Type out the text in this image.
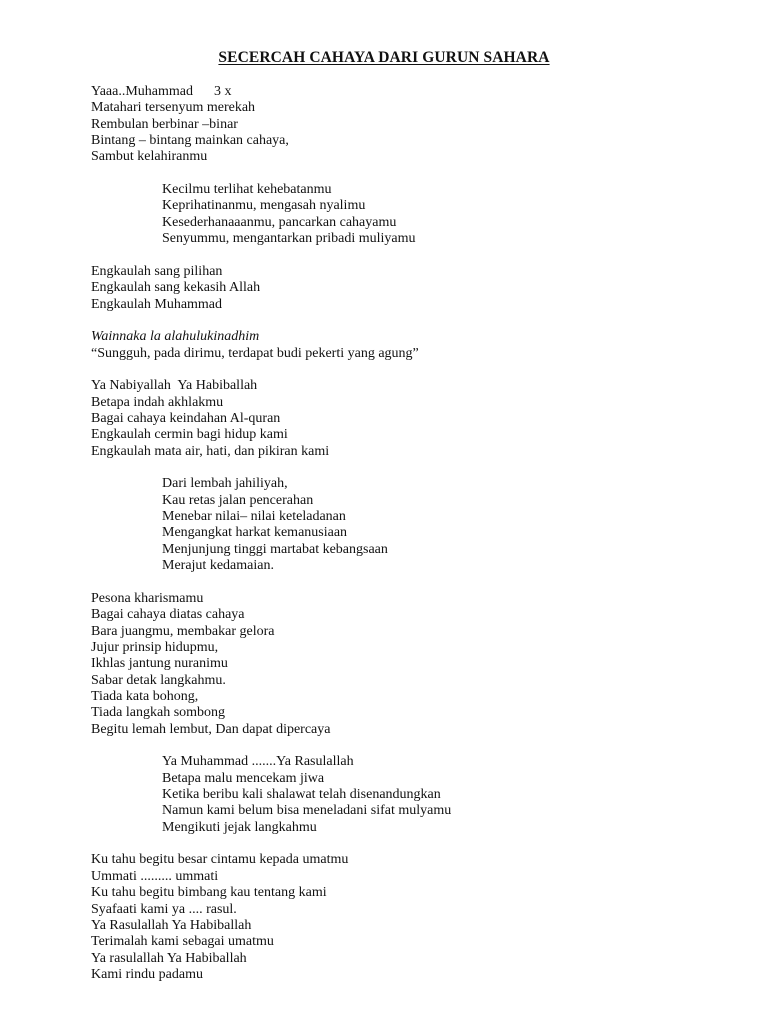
SECERCAH CAHAYA DARI GURUN SAHARA
Yaaa..Muhammad      3 x
Matahari tersenyum merekah
Rembulan berbinar –binar
Bintang – bintang mainkan cahaya,
Sambut kelahiranmu
Kecilmu terlihat kehebatanmu
Keprihatinanmu, mengasah nyalimu
Kesederhanaaanmu, pancarkan cahayamu
Senyummu, mengantarkan pribadi muliyamu
Engkaulah sang pilihan
Engkaulah sang kekasih Allah
Engkaulah Muhammad
Wainnaka la alahulukinadhim
“Sungguh, pada dirimu, terdapat budi pekerti yang agung”
Ya Nabiyallah  Ya Habiballah
Betapa indah akhlakmu
Bagai cahaya keindahan Al-quran
Engkaulah cermin bagi hidup kami
Engkaulah mata air, hati, dan pikiran kami
Dari lembah jahiliyah,
Kau retas jalan pencerahan
Menebar nilai– nilai keteladanan
Mengangkat harkat kemanusiaan
Menjunjung tinggi martabat kebangsaan
Merajut kedamaian.
Pesona kharismamu
Bagai cahaya diatas cahaya
Bara juangmu, membakar gelora
Jujur prinsip hidupmu,
Ikhlas jantung nuranimu
Sabar detak langkahmu.
Tiada kata bohong,
Tiada langkah sombong
Begitu lemah lembut, Dan dapat dipercaya
Ya Muhammad .......Ya Rasulallah
Betapa malu mencekam jiwa
Ketika beribu kali shalawat telah disenandungkan
Namun kami belum bisa meneladani sifat mulyamu
Mengikuti jejak langkahmu
Ku tahu begitu besar cintamu kepada umatmu
Ummati ......... ummati
Ku tahu begitu bimbang kau tentang kami
Syafaati kami ya .... rasul.
Ya Rasulallah Ya Habiballah
Terimalah kami sebagai umatmu
Ya rasulallah Ya Habiballah
Kami rindu padamu
